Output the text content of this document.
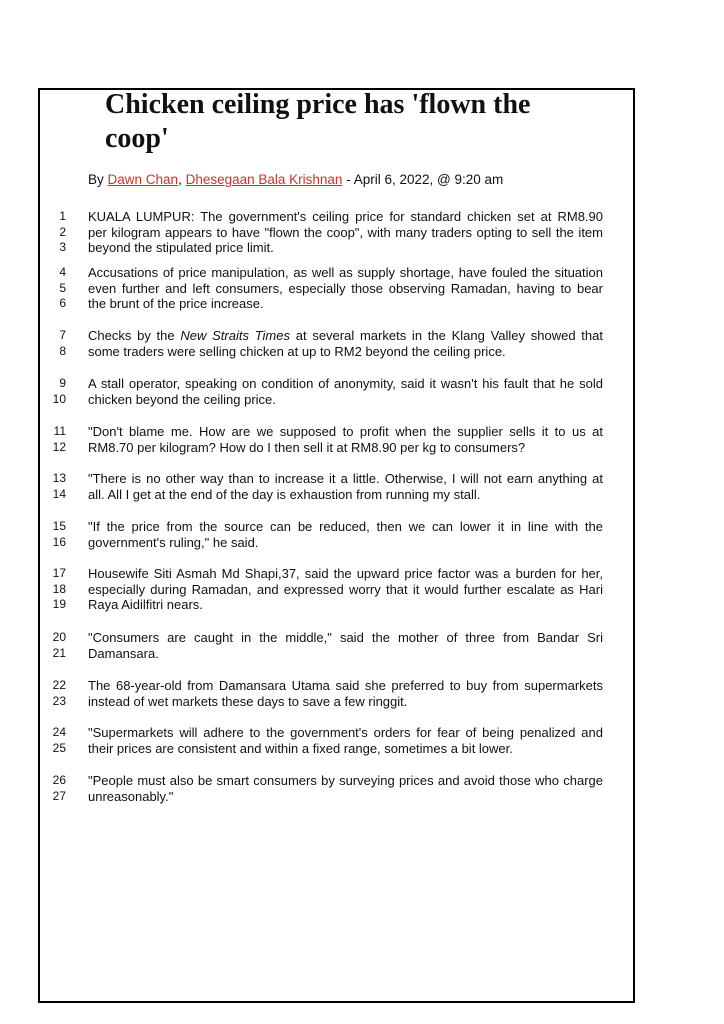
Chicken ceiling price has 'flown the coop'
By Dawn Chan, Dhesegaan Bala Krishnan - April 6, 2022, @ 9:20 am
1 KUALA LUMPUR: The government's ceiling price for standard chicken set at RM8.90
2 per kilogram appears to have "flown the coop", with many traders opting to sell the item
3 beyond the stipulated price limit.
4 Accusations of price manipulation, as well as supply shortage, have fouled the situation
5 even further and left consumers, especially those observing Ramadan, having to bear
6 the brunt of the price increase.
7 Checks by the New Straits Times at several markets in the Klang Valley showed that
8 some traders were selling chicken at up to RM2 beyond the ceiling price.
9 A stall operator, speaking on condition of anonymity, said it wasn't his fault that he sold
10 chicken beyond the ceiling price.
11 "Don't blame me. How are we supposed to profit when the supplier sells it to us at
12 RM8.70 per kilogram? How do I then sell it at RM8.90 per kg to consumers?
13 "There is no other way than to increase it a little. Otherwise, I will not earn anything at
14 all. All I get at the end of the day is exhaustion from running my stall.
15 "If the price from the source can be reduced, then we can lower it in line with the
16 government's ruling," he said.
17 Housewife Siti Asmah Md Shapi,37, said the upward price factor was a burden for her,
18 especially during Ramadan, and expressed worry that it would further escalate as Hari
19 Raya Aidilfitri nears.
20 "Consumers are caught in the middle," said the mother of three from Bandar Sri
21 Damansara.
22 The 68-year-old from Damansara Utama said she preferred to buy from supermarkets
23 instead of wet markets these days to save a few ringgit.
24 "Supermarkets will adhere to the government's orders for fear of being penalized and
25 their prices are consistent and within a fixed range, sometimes a bit lower.
26 "People must also be smart consumers by surveying prices and avoid those who charge
27 unreasonably."
